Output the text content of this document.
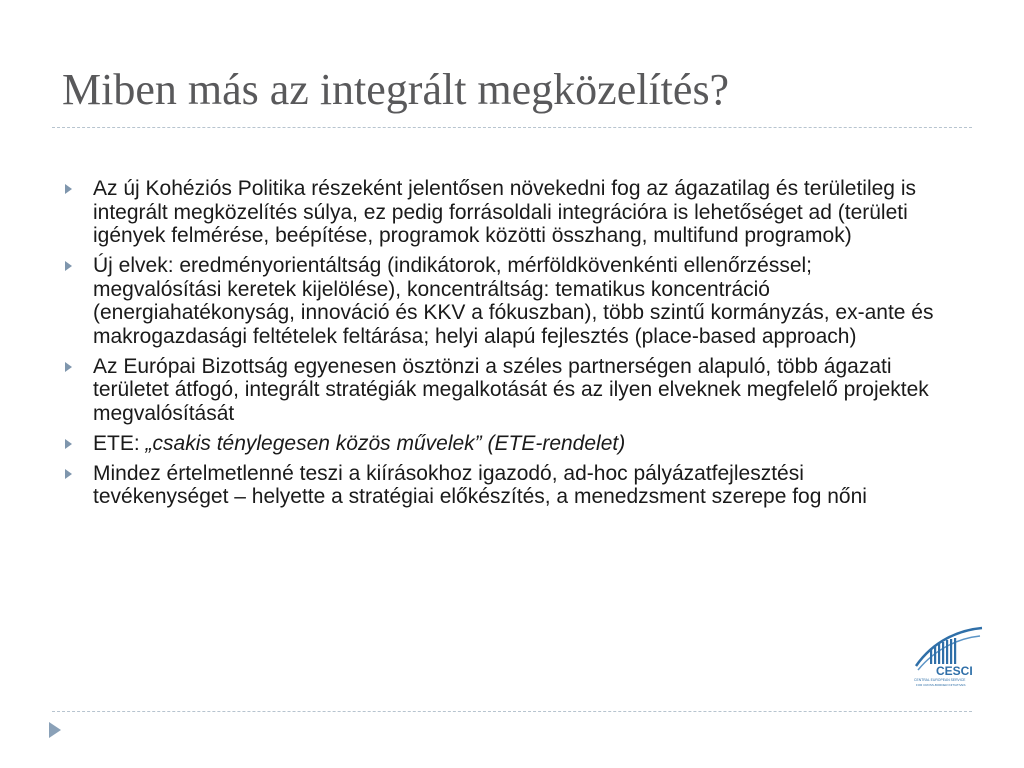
Miben más az integrált megközelítés?
Az új Kohéziós Politika részeként jelentősen növekedni fog az ágazatilag és területileg is integrált megközelítés súlya, ez pedig forrásoldali integrációra is lehetőséget ad (területi igények felmérése, beépítése, programok közötti összhang, multifund programok)
Új elvek: eredményorientáltság (indikátorok, mérföldkövenkénti ellenőrzéssel; megvalósítási keretek kijelölése), koncentráltság: tematikus koncentráció (energiahatékonyság, innováció és KKV a fókuszban), több szintű kormányzás, ex-ante és makrogazdasági feltételek feltárása; helyi alapú fejlesztés (place-based approach)
Az Európai Bizottság egyenesen ösztönzi a széles partnerségen alapuló, több ágazati területet átfogó, integrált stratégiák megalkotását és az ilyen elveknek megfelelő projektek megvalósítását
ETE: „csakis ténylegesen közös művelek” (ETE-rendelet)
Mindez értelmetlenné teszi a kiírásokhoz igazodó, ad-hoc pályázatfejlesztési tevékenységet – helyette a stratégiai előkészítés, a menedzsment szerepe fog nőni
CESCI
CENTRAL EUROPEAN SERVICE
FOR CROSS-BORDER INITIATIVES
